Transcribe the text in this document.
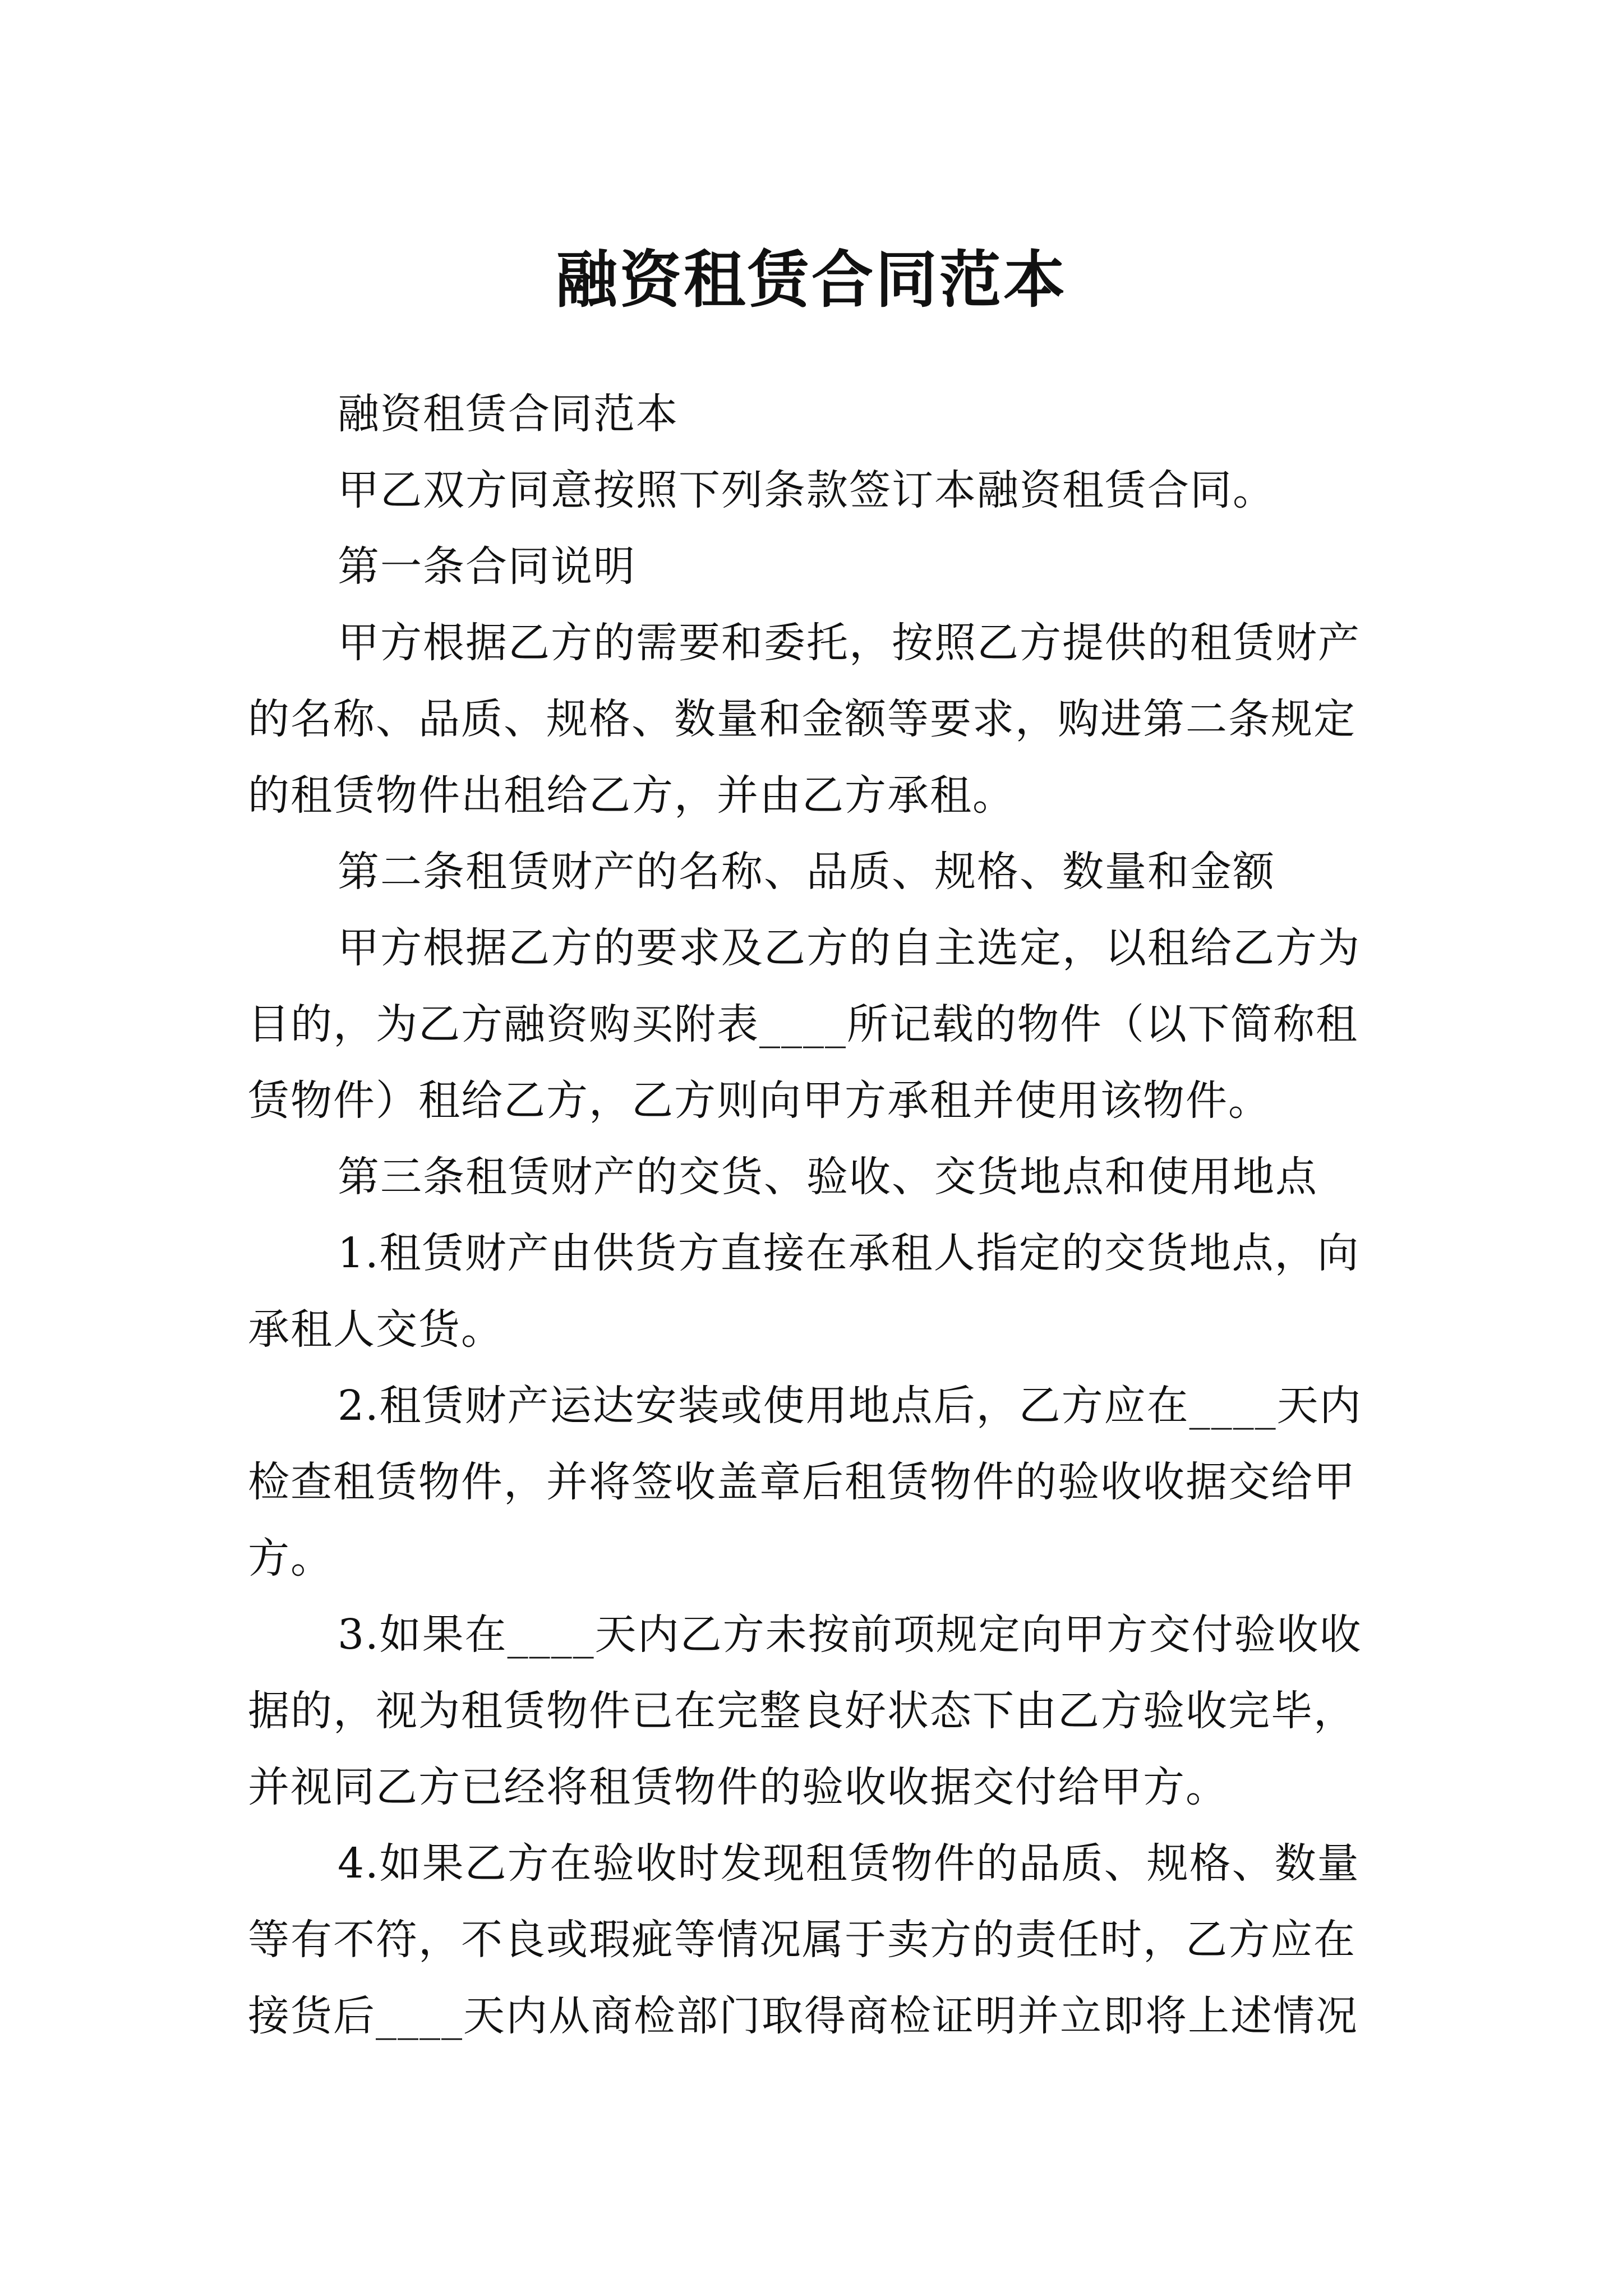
融资租赁合同范本

融资租赁合同范本

甲乙双方同意按照下列条款签订本融资租赁合同。

第一条合同说明

甲方根据乙方的需要和委托，按照乙方提供的租赁财产的名称、品质、规格、数量和金额等要求，购进第二条规定的租赁物件出租给乙方，并由乙方承租。

第二条租赁财产的名称、品质、规格、数量和金额

甲方根据乙方的要求及乙方的自主选定，以租给乙方为目的，为乙方融资购买附表____所记载的物件（以下简称租赁物件）租给乙方，乙方则向甲方承租并使用该物件。

第三条租赁财产的交货、验收、交货地点和使用地点

1.租赁财产由供货方直接在承租人指定的交货地点，向承租人交货。

2.租赁财产运达安装或使用地点后，乙方应在____天内检查租赁物件，并将签收盖章后租赁物件的验收收据交给甲方。

3.如果在____天内乙方未按前项规定向甲方交付验收收据的，视为租赁物件已在完整良好状态下由乙方验收完毕，并视同乙方已经将租赁物件的验收收据交付给甲方。

4.如果乙方在验收时发现租赁物件的品质、规格、数量等有不符，不良或瑕疵等情况属于卖方的责任时，乙方应在接货后____天内从商检部门取得商检证明并立即将上述情况
